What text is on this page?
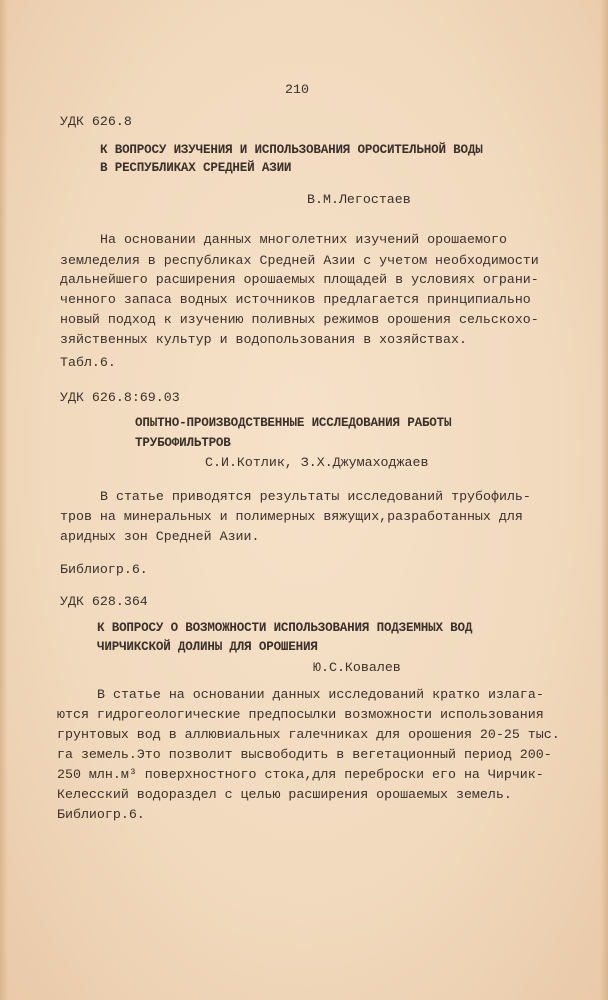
210
УДК 626.8
К ВОПРОСУ ИЗУЧЕНИЯ И ИСПОЛЬЗОВАНИЯ ОРОСИТЕЛЬНОЙ ВОДЫ
В РЕСПУБЛИКАХ СРЕДНЕЙ АЗИИ
В.М.Легостаев
На основании данных многолетних изучений орошаемого
земледелия в республиках Средней Азии с учетом необходимости
дальнейшего расширения орошаемых площадей в условиях ограни-
ченного запаса водных источников предлагается принципиально
новый подход к изучению поливных режимов орошения сельскохо-
зяйственных культур и водопользования в хозяйствах.
Табл.6.
УДК 626.8:69.03
ОПЫТНО-ПРОИЗВОДСТВЕННЫЕ ИССЛЕДОВАНИЯ РАБОТЫ
ТРУБОФИЛЬТРОВ
С.И.Котлик, З.Х.Джумаходжаев
В статье приводятся результаты исследований трубофиль-
тров на минеральных и полимерных вяжущих,разработанных для
аридных зон Средней Азии.
Библиогр.6.
УДК 628.364
К ВОПРОСУ О ВОЗМОЖНОСТИ ИСПОЛЬЗОВАНИЯ ПОДЗЕМНЫХ ВОД
ЧИРЧИКСКОЙ ДОЛИНЫ ДЛЯ ОРОШЕНИЯ
Ю.С.Ковалев
В статье на основании данных исследований кратко излага-
ются гидрогеологические предпосылки возможности использования
грунтовых вод в аллювиальных галечниках для орошения 20-25 тыс.
га земель.Это позволит высвободить в вегетационный период 200-
250 млн.м³ поверхностного стока,для переброски его на Чирчик-
Келесский водораздел с целью расширения орошаемых земель.
Библиогр.6.
